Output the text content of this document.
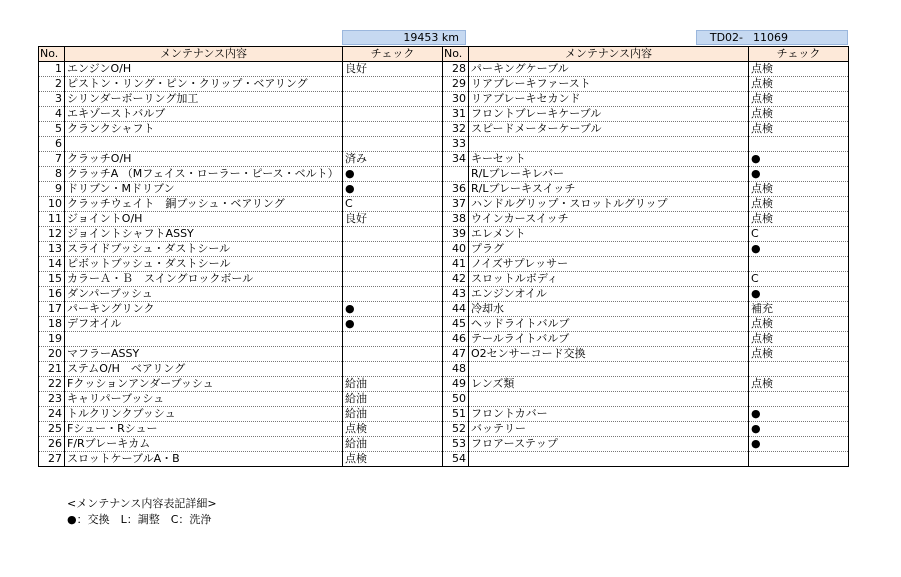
19453 km	TD02- 11069
No.	メンテナンス内容	チェック	No.	メンテナンス内容	チェック
1	エンジンO/H	良好	28	パーキングケーブル	点検
2	ピストン・リング・ピン・クリップ・ベアリング		29	リアブレーキファースト	点検
3	シリンダーボーリング加工		30	リアブレーキセカンド	点検
4	エキゾーストバルブ		31	フロントブレーキケーブル	点検
5	クランクシャフト		32	スピードメーターケーブル	点検
6			33		
7	クラッチO/H	済み	34	キーセット	●
8	クラッチA （Mフェイス・ローラー・ピース・ベルト）	●		R/Lブレーキレバー	●
9	ドリブン・Mドリブン	●	36	R/Lブレーキスイッチ	点検
10	クラッチウェイト　銅ブッシュ・ベアリング	C	37	ハンドルグリップ・スロットルグリップ	点検
11	ジョイントO/H	良好	38	ウインカースイッチ	点検
12	ジョイントシャフトASSY		39	エレメント	C
13	スライドブッシュ・ダストシール		40	プラグ	●
14	ピボットブッシュ・ダストシール		41	ノイズサプレッサー	
15	カラーＡ・Ｂ　スイングロックボール		42	スロットルボディ	C
16	ダンパーブッシュ		43	エンジンオイル	●
17	パーキングリンク	●	44	冷却水	補充
18	デフオイル	●	45	ヘッドライトバルブ	点検
19			46	テールライトバルブ	点検
20	マフラーASSY		47	O2センサーコード交換	点検
21	ステムO/H　ベアリング		48		
22	Fクッションアンダーブッシュ	給油	49	レンズ類	点検
23	キャリパーブッシュ	給油	50		
24	トルクリンクブッシュ	給油	51	フロントカバー	●
25	Fシュー・Rシュー	点検	52	バッテリー	●
26	F/Rブレーキカム	給油	53	フロアーステップ	●
27	スロットケーブルA・B	点検	54		
<メンテナンス内容表記詳細>
●：交換　L：調整　C：洗浄
